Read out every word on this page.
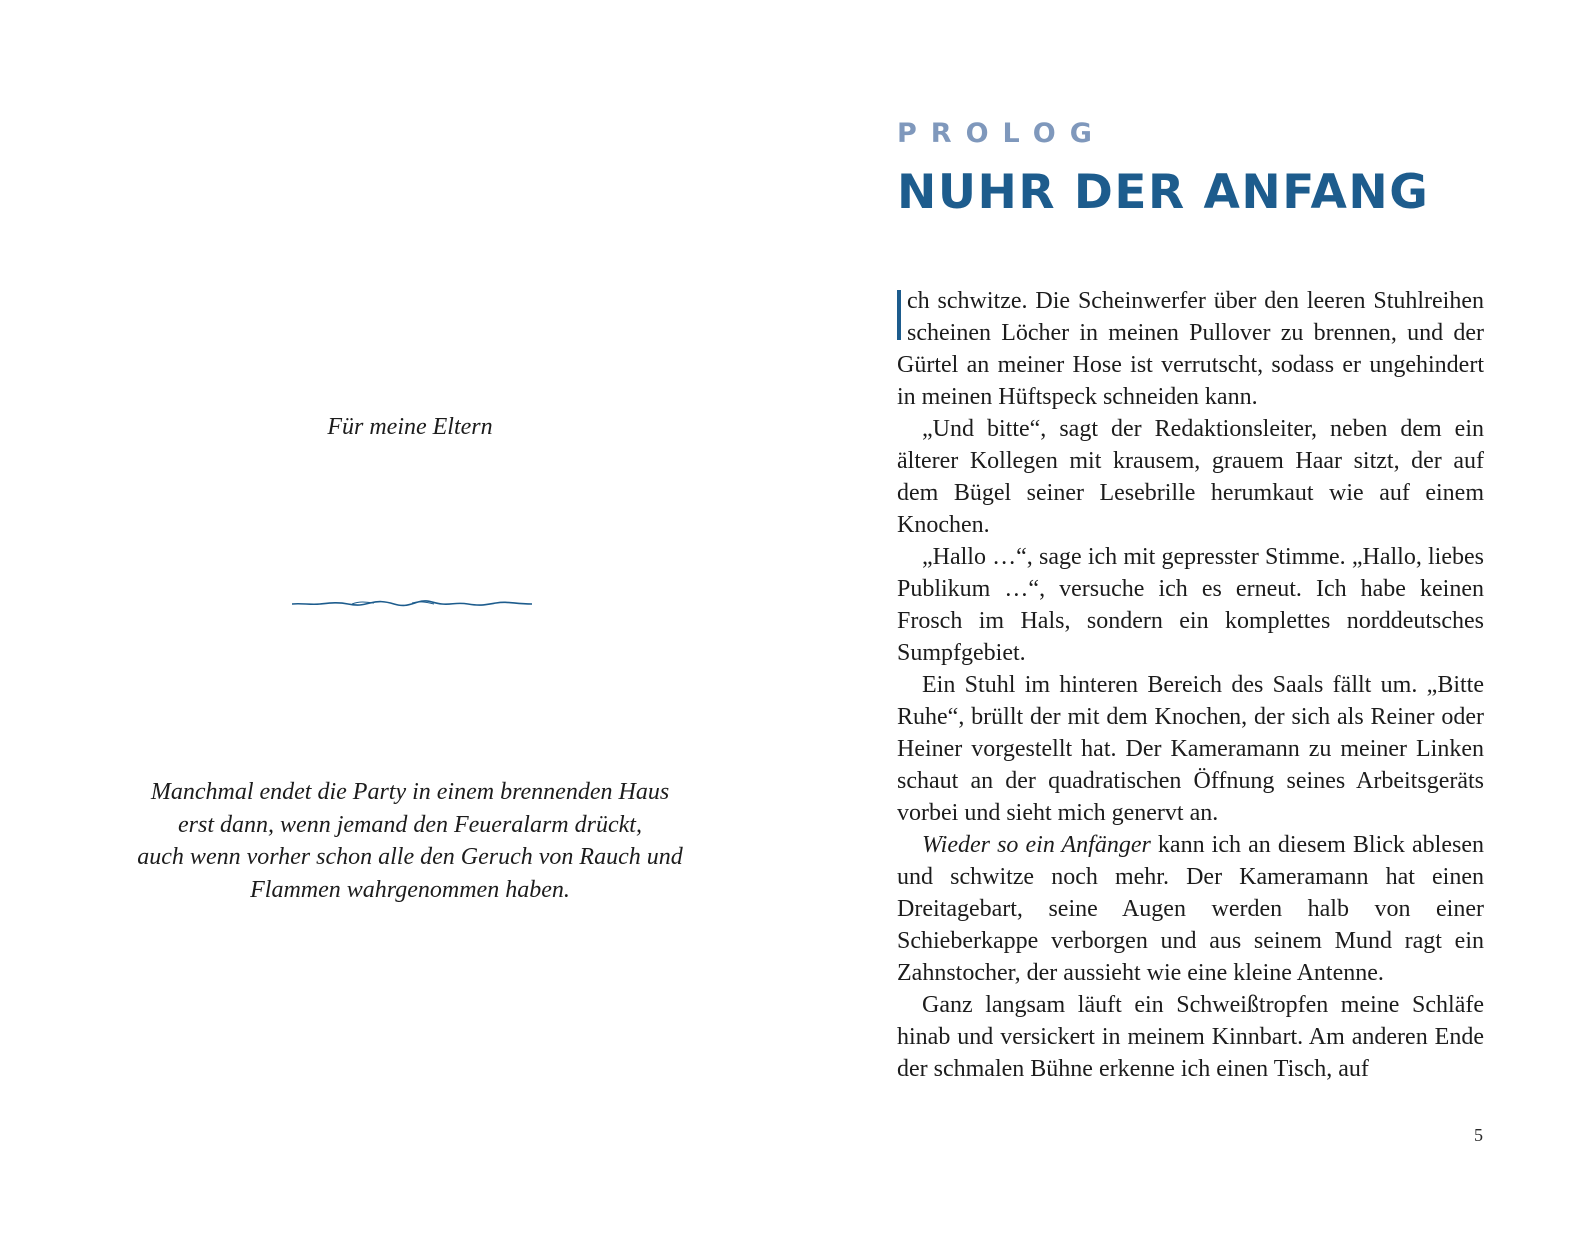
Für meine Eltern

Manchmal endet die Party in einem brennenden Haus

erst dann, wenn jemand den Feueralarm drückt,

auch wenn vorher schon alle den Geruch von Rauch und

Flammen wahrgenommen haben.

PROLOG
NUHR DER ANFANG

ch schwitze. Die Scheinwerfer über den leeren Stuhlreihen scheinen Löcher in meinen Pullover zu brennen, und der Gürtel an meiner Hose ist verrutscht, sodass er ungehindert in meinen Hüftspeck schneiden kann.

„Und bitte“, sagt der Redaktionsleiter, neben dem ein älterer Kollegen mit krausem, grauem Haar sitzt, der auf dem Bügel seiner Lesebrille herumkaut wie auf einem Knochen.

„Hallo …“, sage ich mit gepresster Stimme. „Hallo, liebes Publikum …“, versuche ich es erneut. Ich habe keinen Frosch im Hals, sondern ein komplettes norddeutsches Sumpfgebiet.

Ein Stuhl im hinteren Bereich des Saals fällt um. „Bitte Ruhe“, brüllt der mit dem Knochen, der sich als Reiner oder Heiner vorgestellt hat. Der Kameramann zu meiner Linken schaut an der quadratischen Öffnung seines Arbeitsgeräts vorbei und sieht mich genervt an.

Wieder so ein Anfänger kann ich an diesem Blick ablesen und schwitze noch mehr. Der Kameramann hat einen Dreitagebart, seine Augen werden halb von einer Schieberkappe verborgen und aus seinem Mund ragt ein Zahnstocher, der aussieht wie eine kleine Antenne.

Ganz langsam läuft ein Schweißtropfen meine Schläfe hinab und versickert in meinem Kinnbart. Am anderen Ende der schmalen Bühne erkenne ich einen Tisch, auf

5
